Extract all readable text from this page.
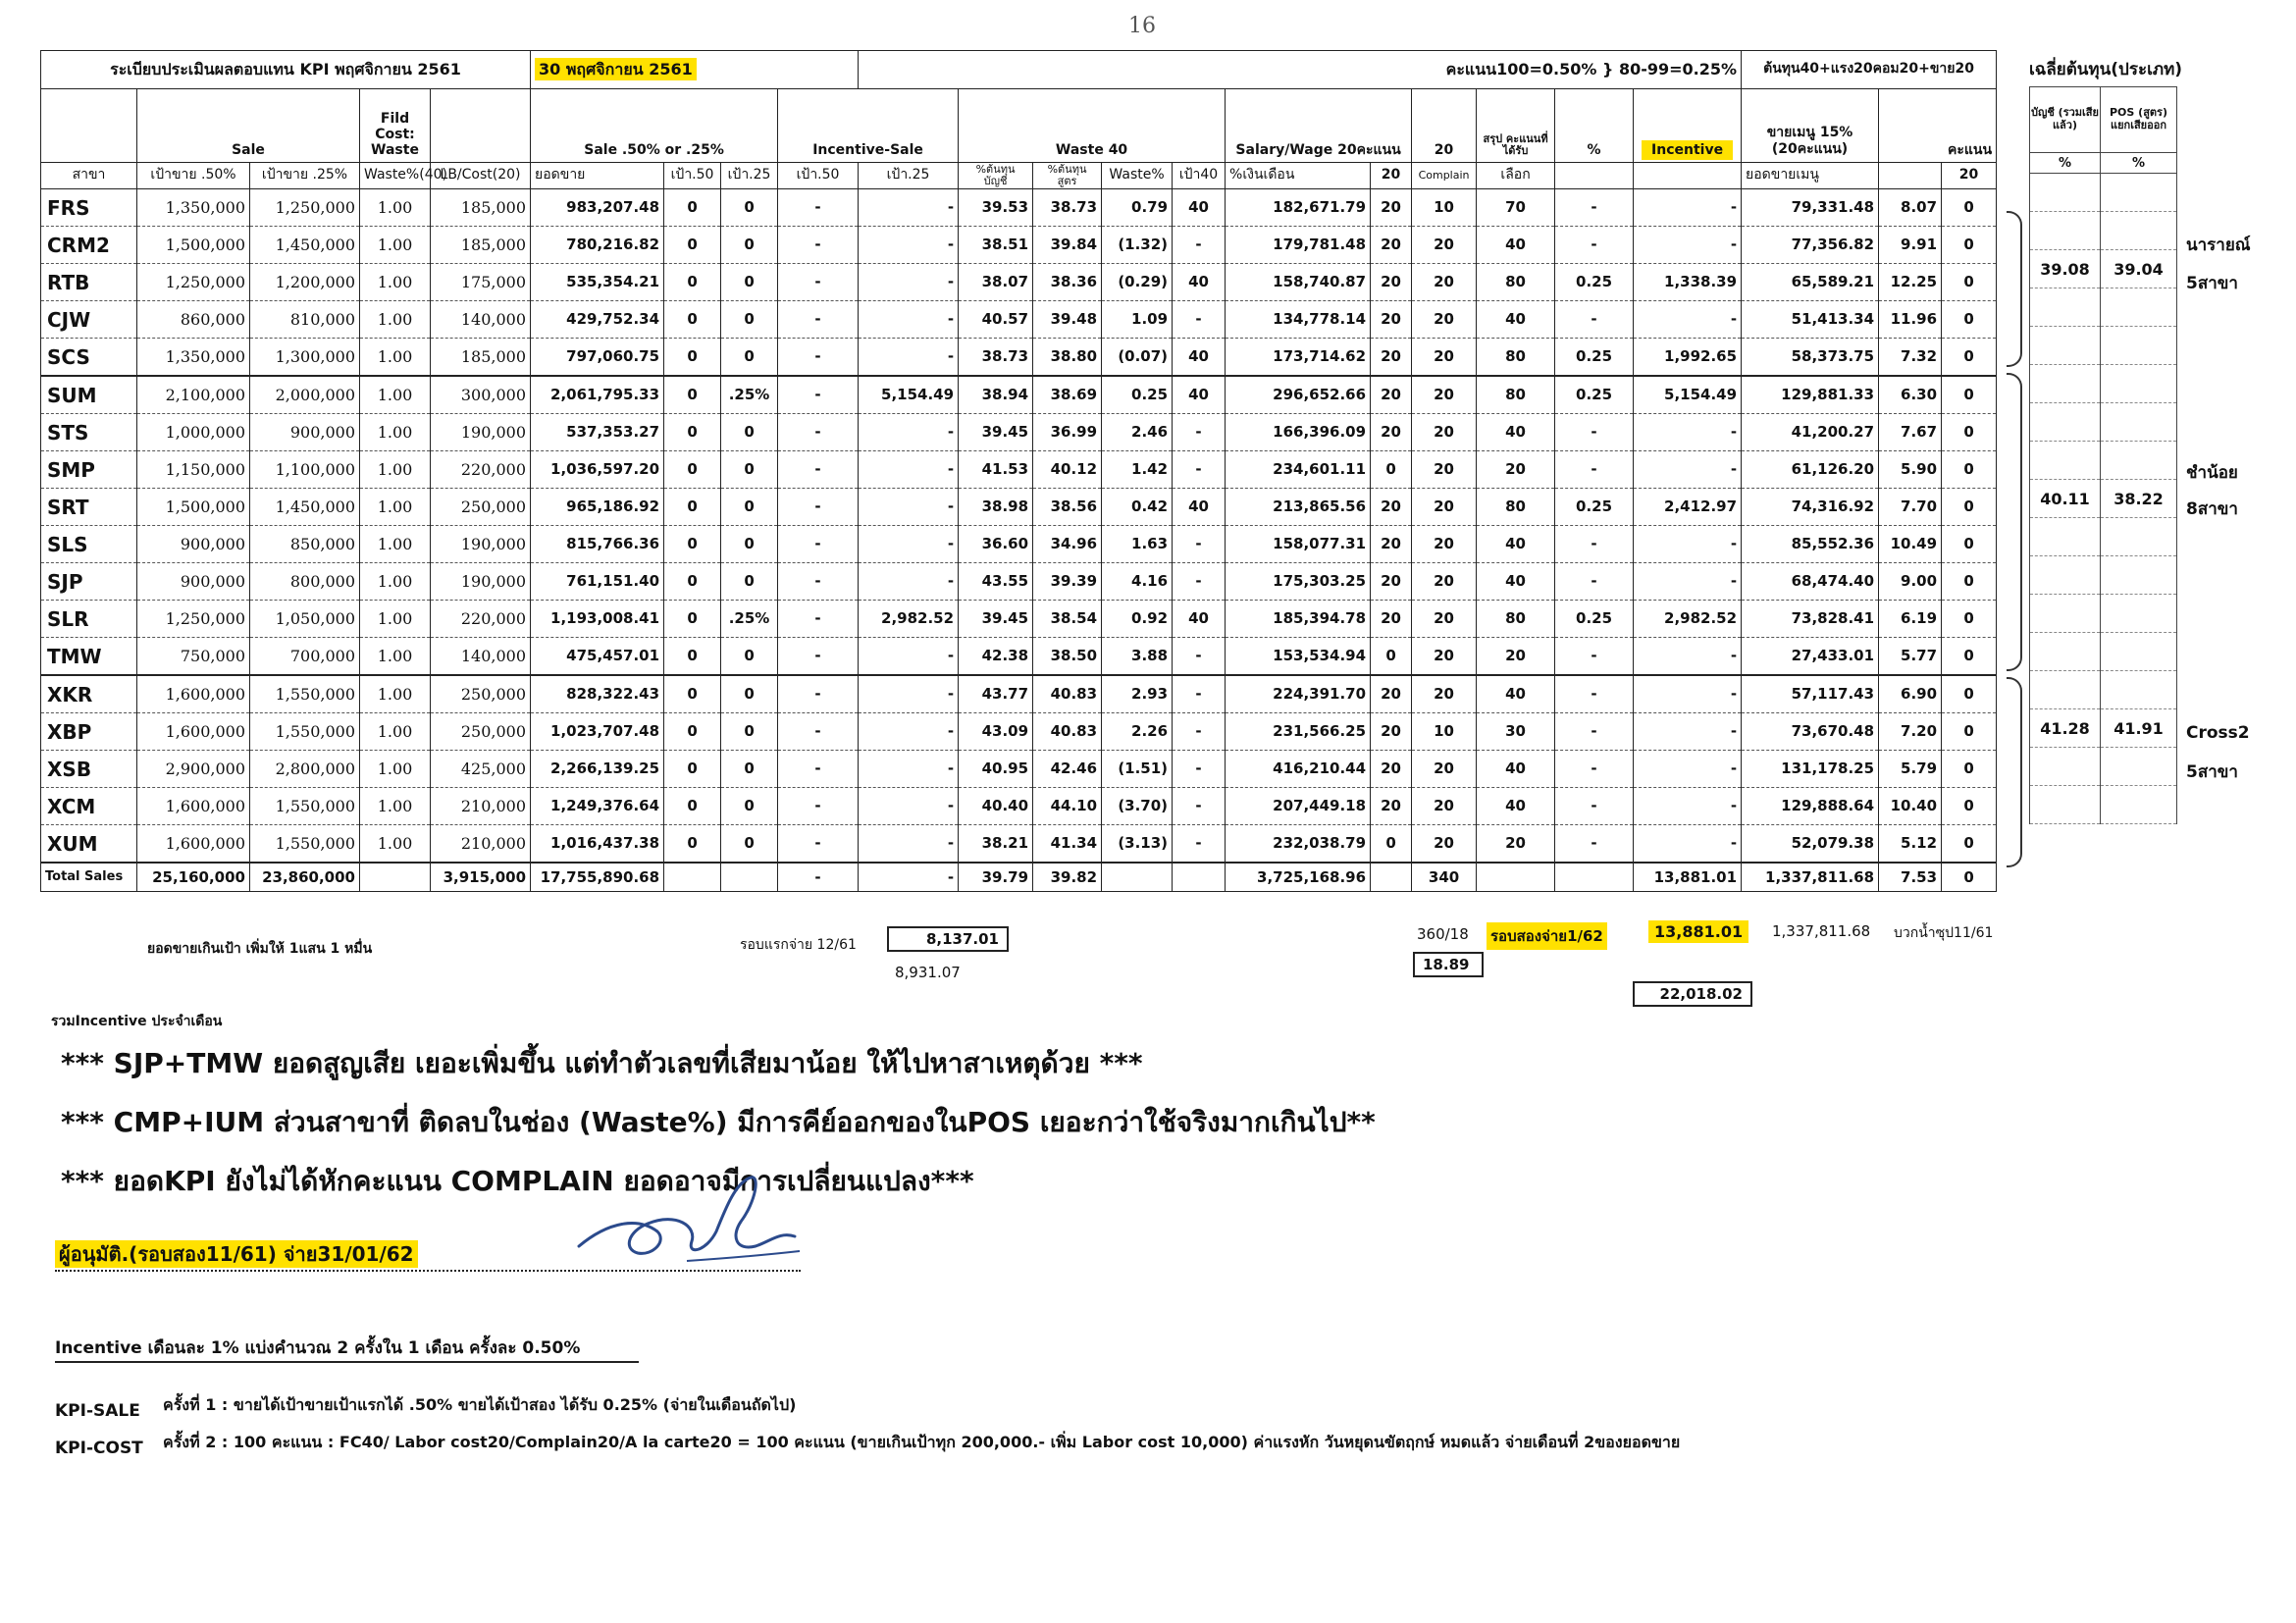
16
ระเบียบประเมินผลตอบแทน KPI พฤศจิกายน 2561					30 พฤศจิกายน 2561				คะแนน100=0.50% } 80-99=0.25%											ต้นทุน40+แรง20คอม20+ขาย20		
	Sale		Fild Cost: Waste		Sale .50% or .25%			Incentive-Sale		Waste 40				Salary/Wage 20คะแนน		20	สรุป คะแนนที่ ได้รับ	%	Incentive	ขายเมนู 15%(20คะแนน)	คะแนน	
สาขา	เป้าขาย .50%	เป้าขาย .25%	Waste%(40)	LB/Cost(20)	ยอดขาย	เป้า.50	เป้า.25	เป้า.50	เป้า.25	%ต้นทุน บัญชี	%ต้นทุน สูตร	Waste%	เป้า40	%เงินเดือน	20	Complain	เลือก			ยอดขายเมนู		20
FRS	1,350,000	1,250,000	1.00	185,000	983,207.48	0	0	-	-	39.53	38.73	0.79	40	182,671.79	20	10	70	-	-	79,331.48	8.07	0
CRM2	1,500,000	1,450,000	1.00	185,000	780,216.82	0	0	-	-	38.51	39.84	(1.32)	-	179,781.48	20	20	40	-	-	77,356.82	9.91	0
RTB	1,250,000	1,200,000	1.00	175,000	535,354.21	0	0	-	-	38.07	38.36	(0.29)	40	158,740.87	20	20	80	0.25	1,338.39	65,589.21	12.25	0
CJW	860,000	810,000	1.00	140,000	429,752.34	0	0	-	-	40.57	39.48	1.09	-	134,778.14	20	20	40	-	-	51,413.34	11.96	0
SCS	1,350,000	1,300,000	1.00	185,000	797,060.75	0	0	-	-	38.73	38.80	(0.07)	40	173,714.62	20	20	80	0.25	1,992.65	58,373.75	7.32	0
SUM	2,100,000	2,000,000	1.00	300,000	2,061,795.33	0	.25%	-	5,154.49	38.94	38.69	0.25	40	296,652.66	20	20	80	0.25	5,154.49	129,881.33	6.30	0
STS	1,000,000	900,000	1.00	190,000	537,353.27	0	0	-	-	39.45	36.99	2.46	-	166,396.09	20	20	40	-	-	41,200.27	7.67	0
SMP	1,150,000	1,100,000	1.00	220,000	1,036,597.20	0	0	-	-	41.53	40.12	1.42	-	234,601.11	0	20	20	-	-	61,126.20	5.90	0
SRT	1,500,000	1,450,000	1.00	250,000	965,186.92	0	0	-	-	38.98	38.56	0.42	40	213,865.56	20	20	80	0.25	2,412.97	74,316.92	7.70	0
SLS	900,000	850,000	1.00	190,000	815,766.36	0	0	-	-	36.60	34.96	1.63	-	158,077.31	20	20	40	-	-	85,552.36	10.49	0
SJP	900,000	800,000	1.00	190,000	761,151.40	0	0	-	-	43.55	39.39	4.16	-	175,303.25	20	20	40	-	-	68,474.40	9.00	0
SLR	1,250,000	1,050,000	1.00	220,000	1,193,008.41	0	.25%	-	2,982.52	39.45	38.54	0.92	40	185,394.78	20	20	80	0.25	2,982.52	73,828.41	6.19	0
TMW	750,000	700,000	1.00	140,000	475,457.01	0	0	-	-	42.38	38.50	3.88	-	153,534.94	0	20	20	-	-	27,433.01	5.77	0
XKR	1,600,000	1,550,000	1.00	250,000	828,322.43	0	0	-	-	43.77	40.83	2.93	-	224,391.70	20	20	40	-	-	57,117.43	6.90	0
XBP	1,600,000	1,550,000	1.00	250,000	1,023,707.48	0	0	-	-	43.09	40.83	2.26	-	231,566.25	20	10	30	-	-	73,670.48	7.20	0
XSB	2,900,000	2,800,000	1.00	425,000	2,266,139.25	0	0	-	-	40.95	42.46	(1.51)	-	416,210.44	20	20	40	-	-	131,178.25	5.79	0
XCM	1,600,000	1,550,000	1.00	210,000	1,249,376.64	0	0	-	-	40.40	44.10	(3.70)	-	207,449.18	20	20	40	-	-	129,888.64	10.40	0
XUM	1,600,000	1,550,000	1.00	210,000	1,016,437.38	0	0	-	-	38.21	41.34	(3.13)	-	232,038.79	0	20	20	-	-	52,079.38	5.12	0
Total Sales	25,160,000	23,860,000		3,915,000	17,755,890.68			-	-	39.79	39.82			3,725,168.96		340			13,881.01	1,337,811.68	7.53	0
เฉลี่ยต้นทุน(ประเภท)
บัญชี (รวมเสีย แล้ว)	POS (สูตร) แยกเสียออก
%	%

39.08	39.04

40.11	38.22

41.28	41.91

นารายณ์
5สาขา
ชำน้อย
8สาขา
Cross2
5สาขา
ยอดขายเกินเป้า เพิ่มให้ 1แสน 1 หมื่น	รอบแรกจ่าย 12/61	8,137.01
8,931.07
360/18
18.89
รอบสองจ่าย1/62	13,881.01	1,337,811.68 บวกน้ำซุป11/61
22,018.02
รวมIncentive ประจำเดือน
*** SJP+TMW ยอดสูญเสีย เยอะเพิ่มขึ้น แต่ทำตัวเลขที่เสียมาน้อย ให้ไปหาสาเหตุด้วย ***
*** CMP+IUM ส่วนสาขาที่ ติดลบในช่อง (Waste%) มีการคีย์ออกของในPOS เยอะกว่าใช้จริงมากเกินไป**
*** ยอดKPI ยังไม่ได้หักคะแนน COMPLAIN ยอดอาจมีการเปลี่ยนแปลง***
ผู้อนุมัติ.(รอบสอง11/61) จ่าย31/01/62
Incentive เดือนละ 1% แบ่งคำนวณ 2 ครั้งใน 1 เดือน ครั้งละ 0.50%
KPI-SALE ครั้งที่ 1 : ขายได้เป้าขายเป้าแรกได้ .50% ขายได้เป้าสอง ได้รับ 0.25% (จ่ายในเดือนถัดไป)
KPI-COST ครั้งที่ 2 : 100 คะแนน : FC40/ Labor cost20/Complain20/A la carte20 = 100 คะแนน (ขายเกินเป้าทุก 200,000.- เพิ่ม Labor cost 10,000) ค่าแรงหัก วันหยุดนขัตฤกษ์ หมดแล้ว จ่ายเดือนที่ 2ของยอดขาย
